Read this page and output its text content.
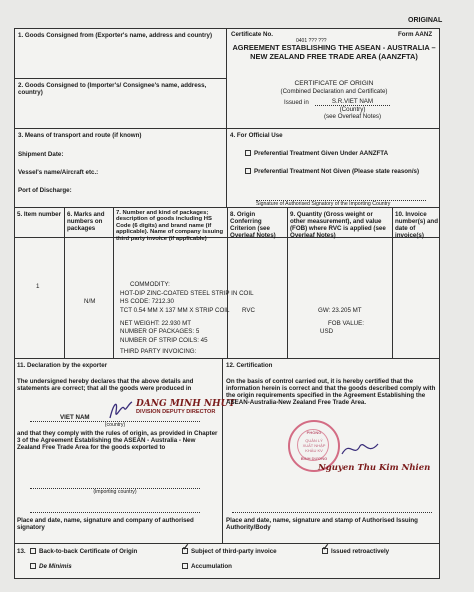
ORIGINAL
1. Goods Consigned from (Exporter's name, address and country)	Certificate No.	Form AANZ
0401 ??? ???
AGREEMENT ESTABLISHING THE ASEAN - AUSTRALIA – NEW ZEALAND FREE TRADE AREA (AANZFTA)
CERTIFICATE OF ORIGIN
(Combined Declaration and Certificate)
Issued in	S.R.VIET NAM
(Country)
(see Overleaf Notes)
2. Goods Consigned to (Importer's/ Consignee's name, address, country)
3. Means of transport and route (if known)
Shipment Date:
Vessel's name/Aircraft etc.:
Port of Discharge:
4. For Official Use
Preferential Treatment Given Under AANZFTA
Preferential Treatment Not Given (Please state reason/s)
Signature of Authorised Signatory of the Importing Country
5. Item number 6. Marks and numbers on packages
7. Number and kind of packages; description of goods including HS Code (6 digits) and brand name (if applicable). Name of company issuing third party invoice (if applicable)
8. Origin Conferring Criterion (see Overleaf Notes)
9. Quantity (Gross weight or other measurement), and value (FOB) where RVC is applied (see Overleaf Notes)
10. Invoice number(s) and date of invoice(s)
1
N/M
COMMODITY:
HOT-DIP ZINC-COATED STEEL STRIP IN COIL
HS CODE: 7212.30
TCT 0.54 MM X 137 MM X STRIP COIL
NET WEIGHT: 22.930 MT
NUMBER OF PACKAGES: 5
NUMBER OF STRIP COILS: 45
THIRD PARTY INVOICING:
RVC	GW: 23.205 MT
FOB VALUE:
USD
11. Declaration by the exporter
The undersigned hereby declares that the above details and statements are correct; that all the goods were produced in
VIET NAM
(country)
and that they comply with the rules of origin, as provided in Chapter 3 of the Agreement Establishing the ASEAN - Australia - New Zealand Free Trade Area for the goods exported to
(importing country)
Place and date, name, signature and company of authorised signatory
DANG MINH NHUT
DIVISION DEPUTY DIRECTOR
12. Certification
On the basis of control carried out, it is hereby certified that the information herein is correct and that the goods described comply with the origin requirements specified in the Agreement Establishing the ASEAN-Australia-New Zealand Free Trade Area.
PHÒNG
QUẢN LÝ
XUẤT NHẬP
KHẨU KV
BÌNH DƯƠNG
Nguyen Thu Kim Nhien
Place and date, name, signature and stamp of Authorised Issuing Authority/Body
13.	Back-to-back Certificate of Origin ✓	Subject of third-party invoice ✓	Issued retroactively
De Minimis	Accumulation
